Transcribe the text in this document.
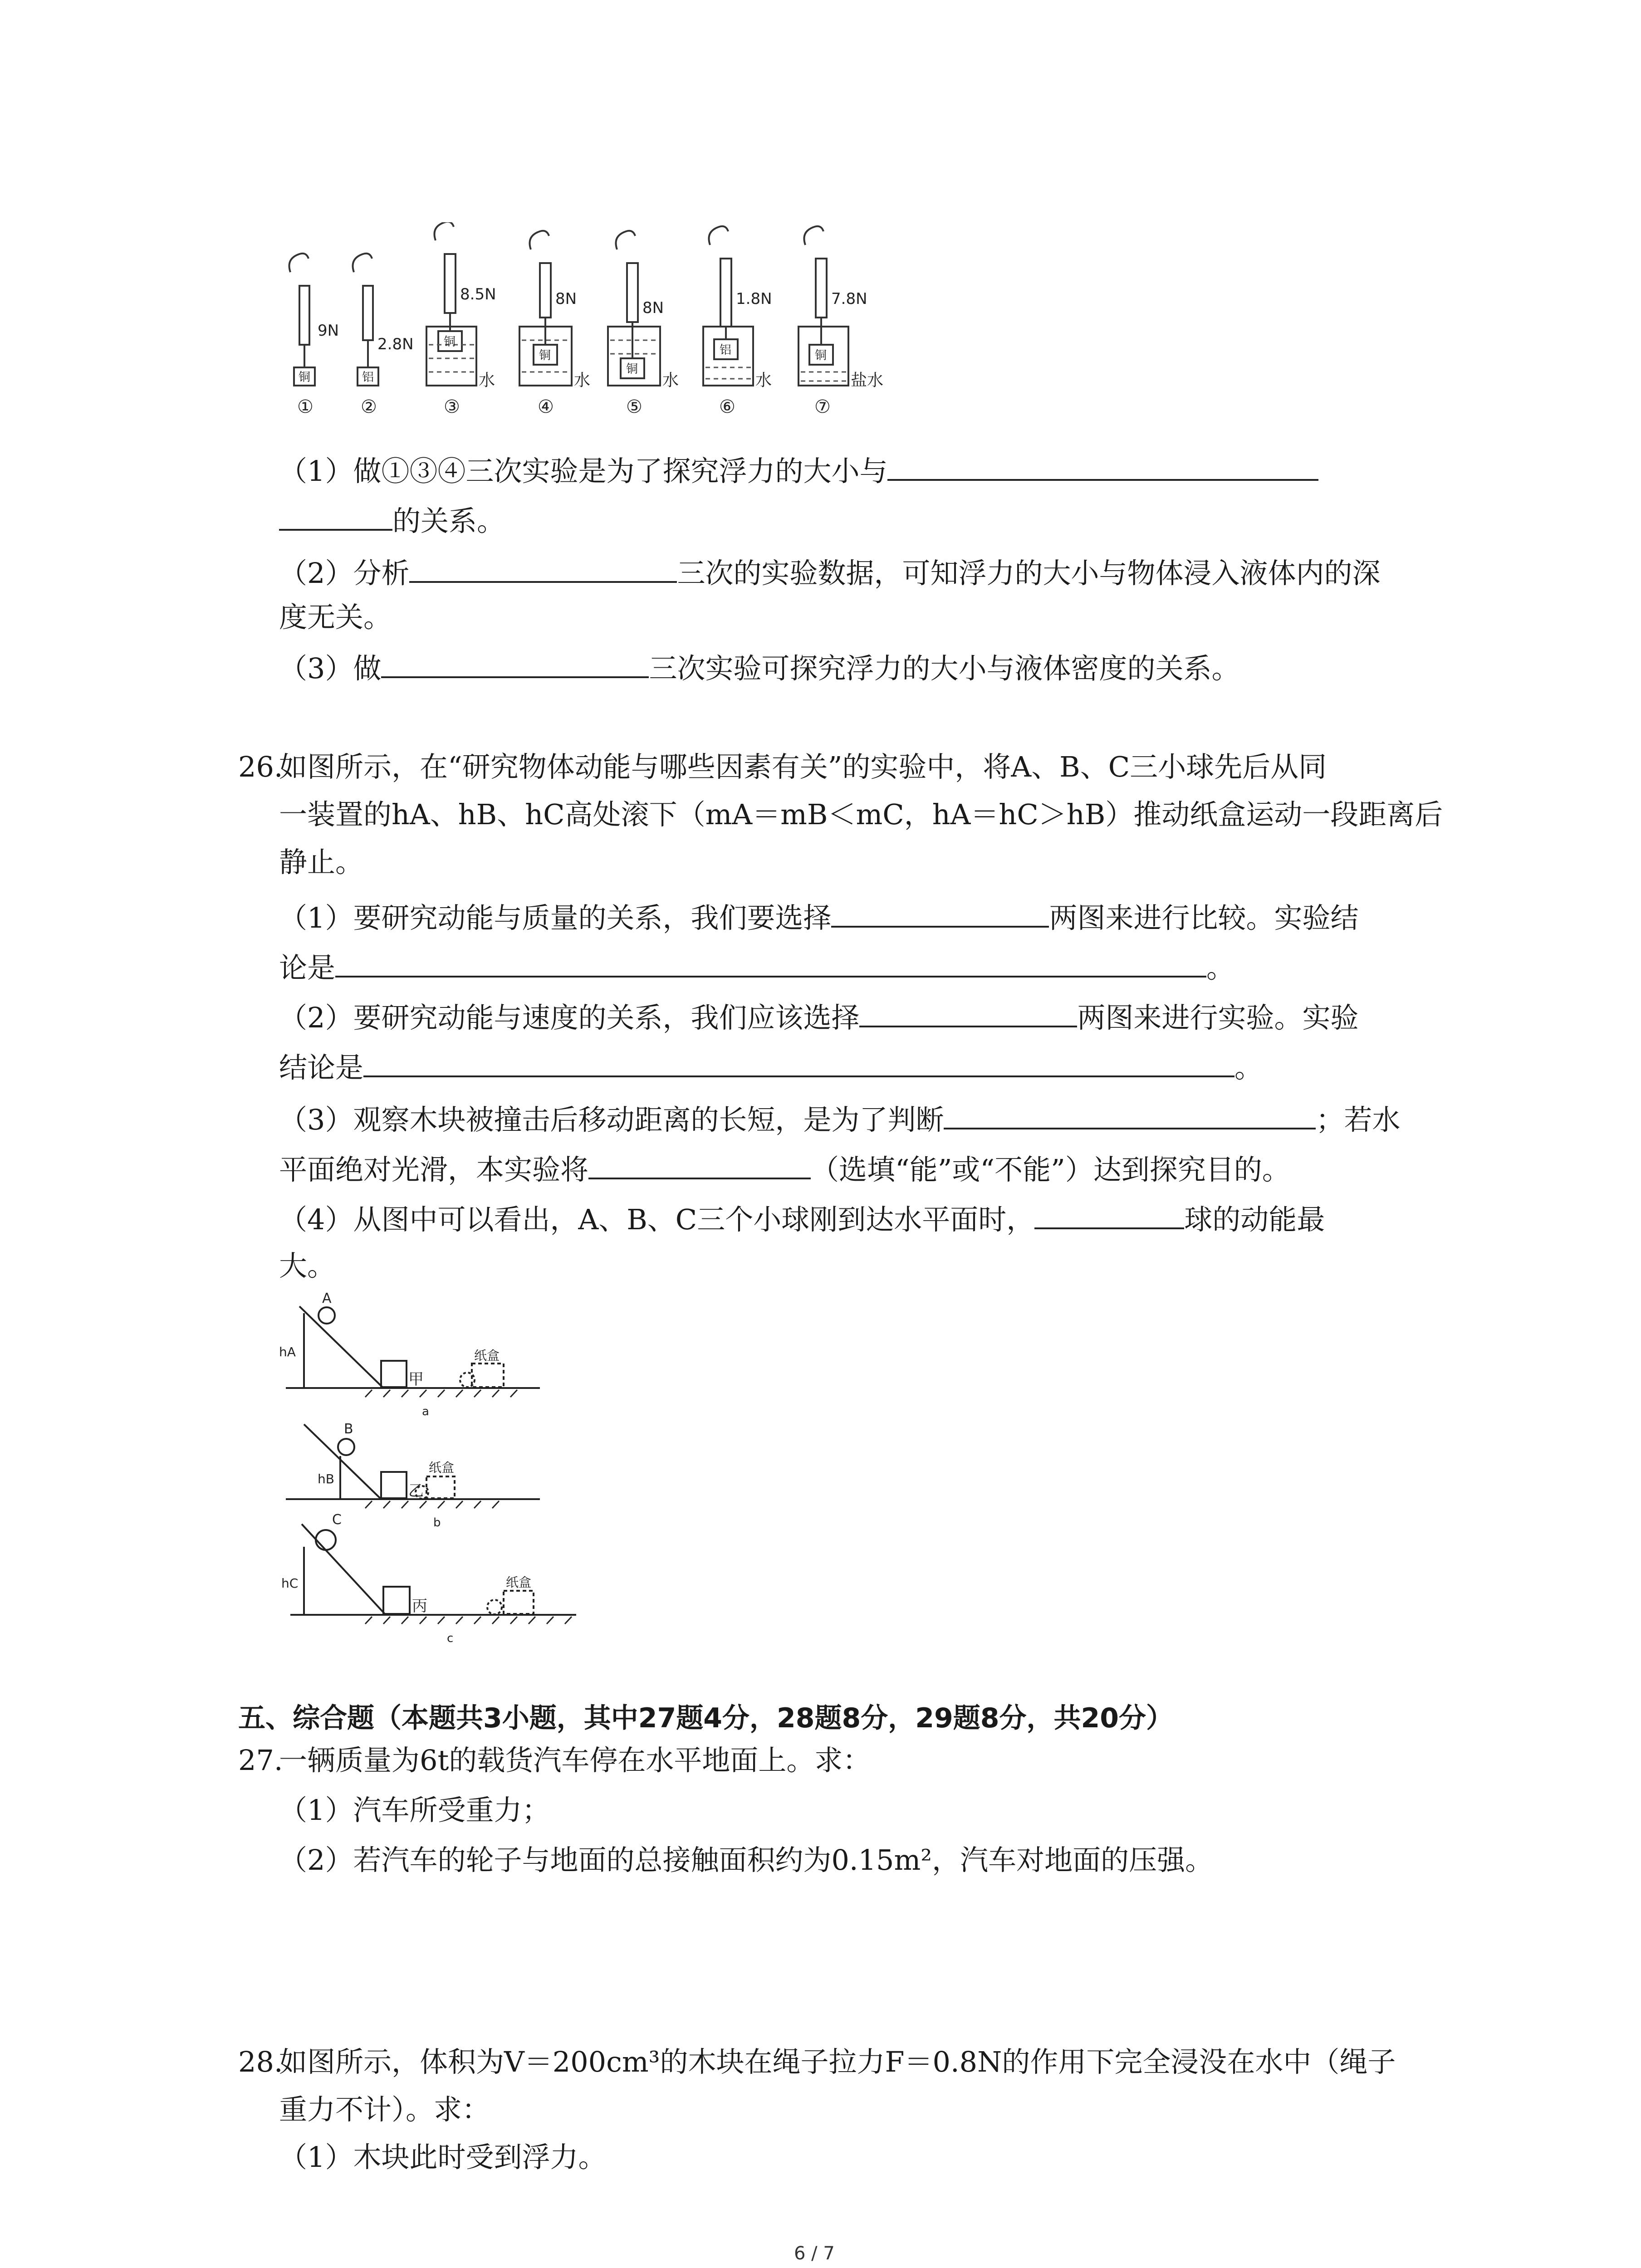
9N
2.8N
8.5N	8N	8N	1.8N	7.8N
铜	铝
铜
铜
铜
铝	铜
水	水	水	水	盐水
①	②	③	④	⑤	⑥	⑦
（1）做①③④三次实验是为了探究浮力的大小与
的关系。
（2）分析	三次的实验数据，可知浮力的大小与物体浸入液体内的深
度无关。
（3）做	三次实验可探究浮力的大小与液体密度的关系。
26.
如图所示，在“研究物体动能与哪些因素有关”的实验中，将A、B、C三小球先后从同
一装置的hA、hB、hC高处滚下（mA＝mB＜mC，hA＝hC＞hB）推动纸盒运动一段距离后
静止。
（1）要研究动能与质量的关系，我们要选择	两图来进行比较。实验结
论是	。
（2）要研究动能与速度的关系，我们应该选择	两图来进行实验。实验
结论是	。
（3）观察木块被撞击后移动距离的长短，是为了判断	；若水
平面绝对光滑，本实验将	（选填“能”或“不能”）达到探究目的。
（4）从图中可以看出，A、B、C三个小球刚到达水平面时，	球的动能最
大。
A
hA
甲
纸盒
a
B
hB
乙
纸盒
b
C
hC
丙
纸盒
c
五、综合题（本题共3小题，其中27题4分，28题8分，29题8分，共20分）
27.
一辆质量为6t的载货汽车停在水平地面上。求：
（1）汽车所受重力；
（2）若汽车的轮子与地面的总接触面积约为0.15m²，汽车对地面的压强。
28.
如图所示，体积为V＝200cm³的木块在绳子拉力F＝0.8N的作用下完全浸没在水中（绳子
重力不计）。求：
（1）木块此时受到浮力。
6 / 7
